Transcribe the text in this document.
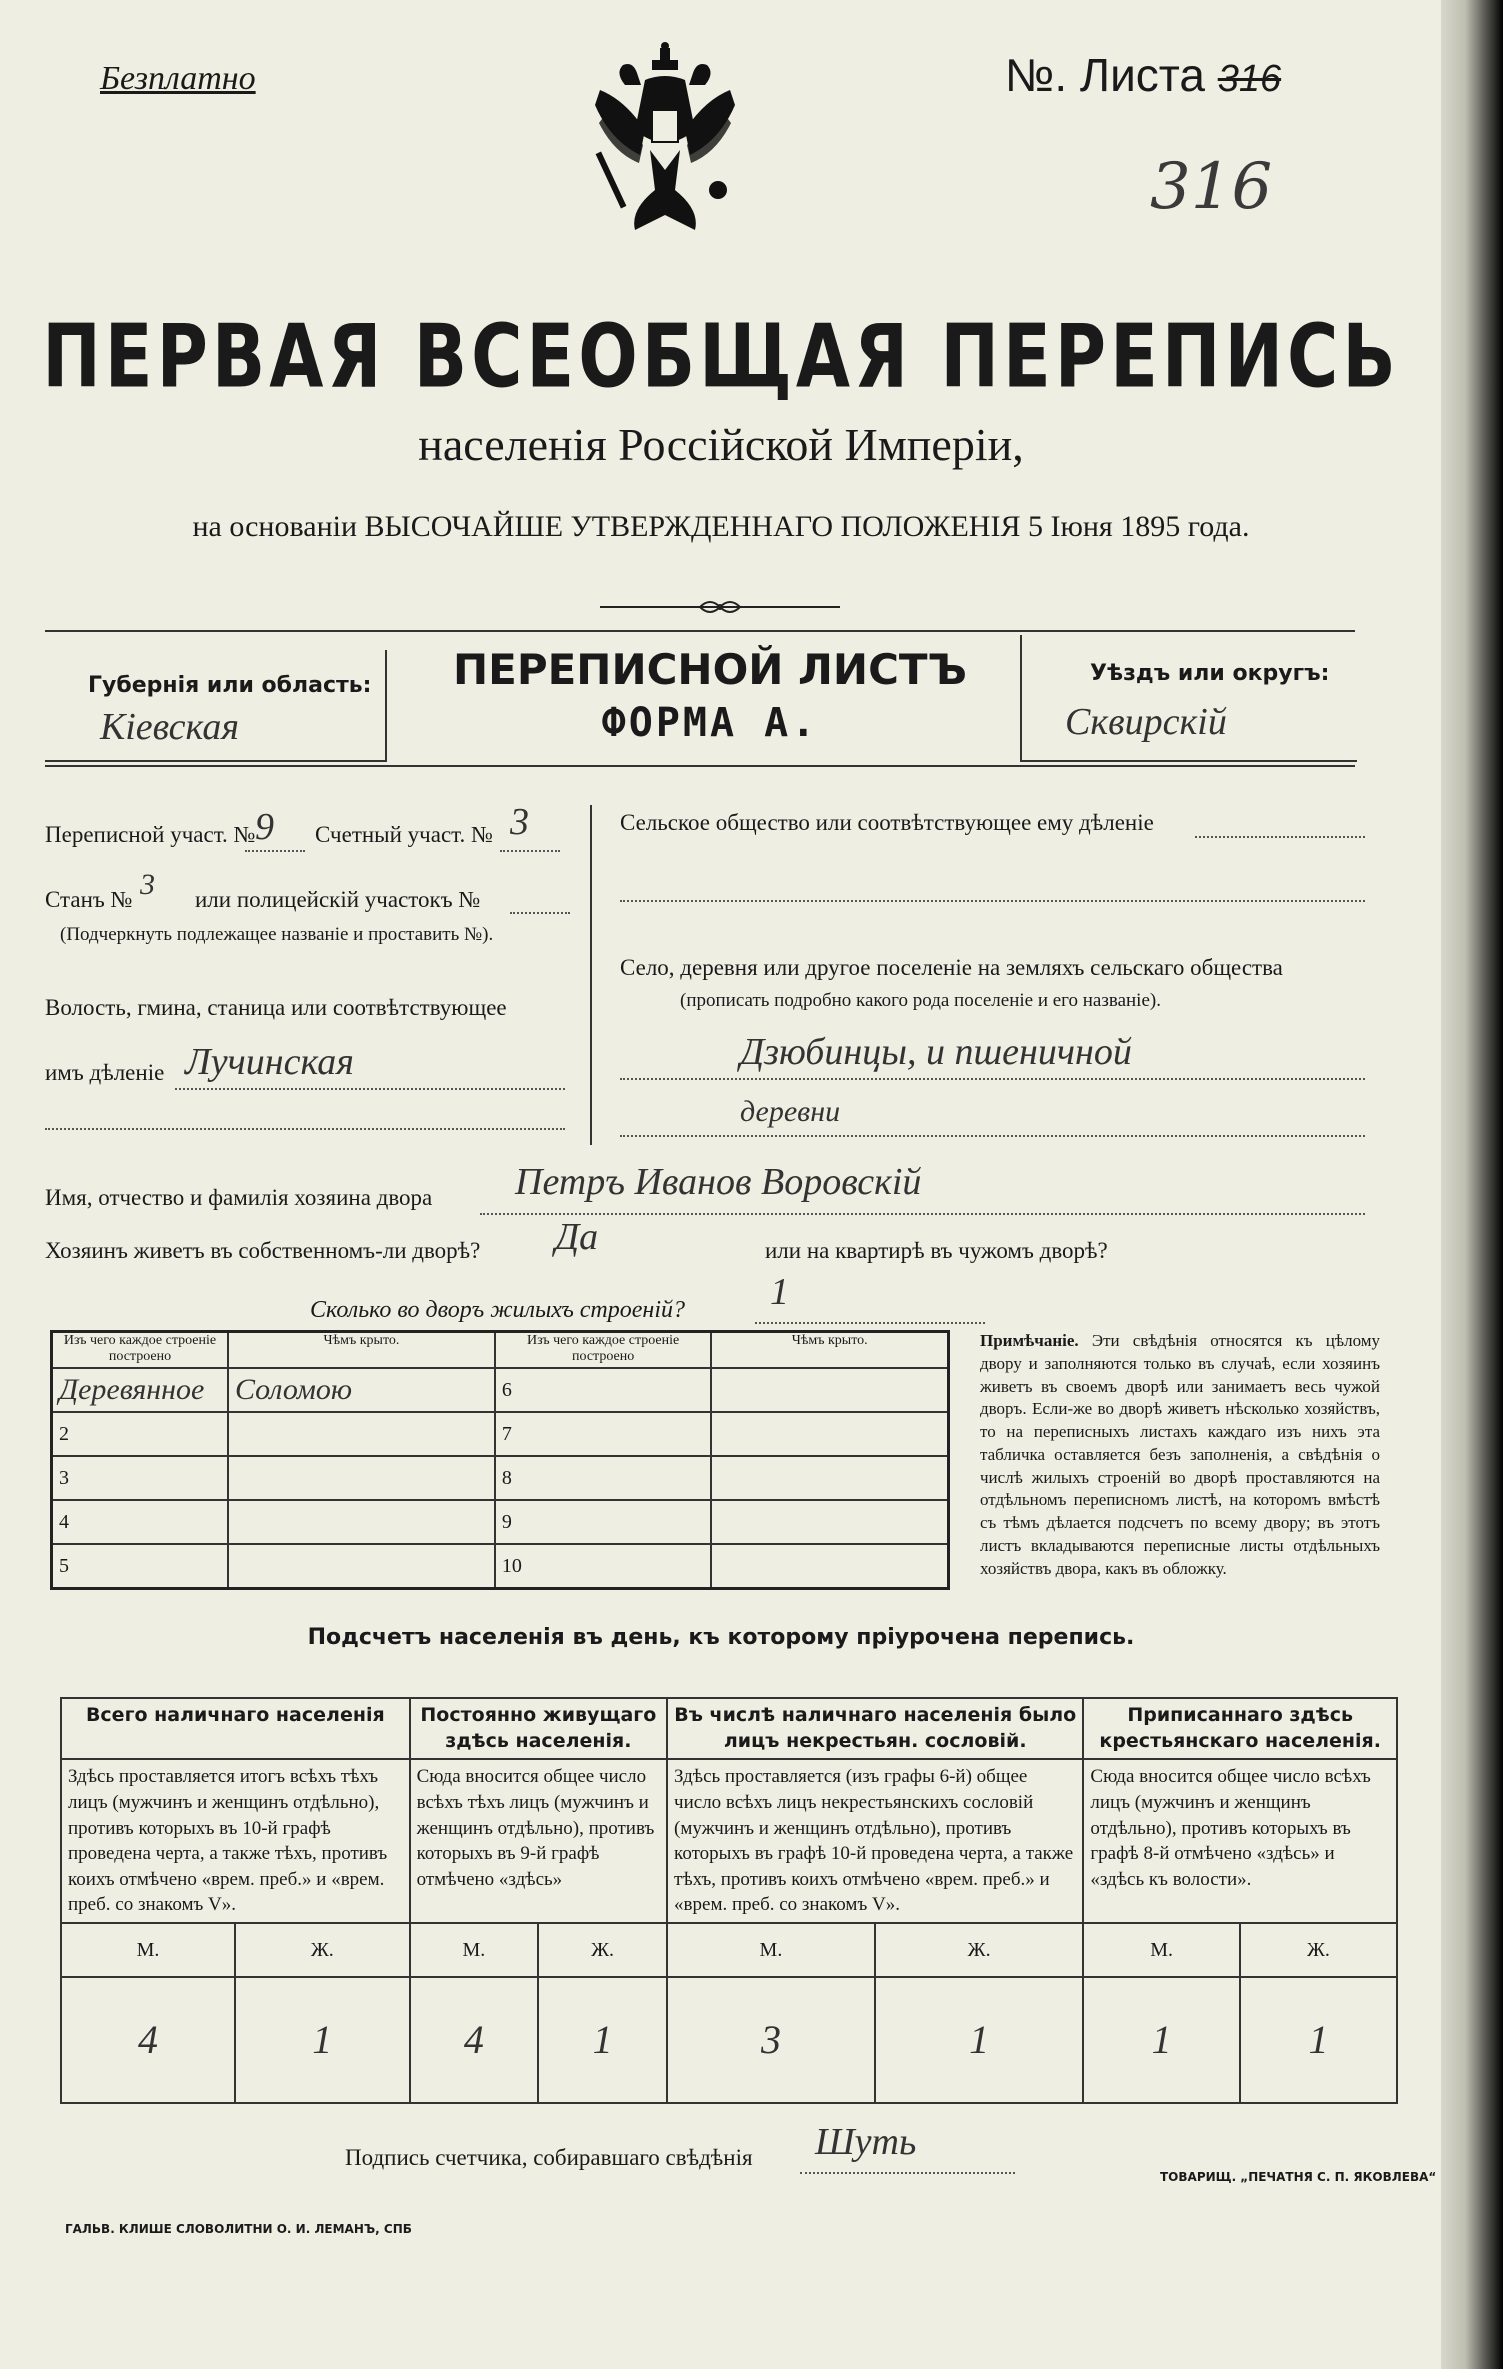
Безплатно	№. Листа 316
316
ПЕРВАЯ ВСЕОБЩАЯ ПЕРЕПИСЬ
населенія Россійской Имперіи,
на основаніи ВЫСОЧАЙШЕ УТВЕРЖДЕННАГО ПОЛОЖЕНІЯ 5 Іюня 1895 года.
Губернія или область:
Кіевская
ПЕРЕПИСНОЙ ЛИСТЪ
ФОРМА А.
Уѣздъ или округъ:
Сквирскій
Переписной участ. № 9 Счетный участ. № 3
Станъ № 3 или полицейскій участокъ №
(Подчеркнуть подлежащее названіе и проставить №).
Волость, гмина, станица или соотвѣтствующее
имъ дѣленіе Лучинская
Сельское общество или соотвѣтствующее ему дѣленіе
Село, деревня или другое поселеніе на земляхъ сельскаго общества
(прописать подробно какого рода поселеніе и его названіе).
Дзюбинцы, и пшеничной
деревни
Имя, отчество и фамилія хозяина двора Петръ Иванов Воровскій
Хозяинъ живетъ въ собственномъ-ли дворѣ? Да	или на квартирѣ въ чужомъ дворѣ?
Сколько во дворъ жилыхъ строеній? 1
Изъ чего каждое строеніе построено	Чѣмъ крыто.	Изъ чего каждое строеніе построено	Чѣмъ крыто.
Деревянное	Соломою	6	
2		7	
3		8	
4		9	
5		10	
Примѣчаніе. Эти свѣдѣнія относятся къ цѣлому двору и заполняются только въ случаѣ, если хозяинъ живетъ въ своемъ дворѣ или занимаетъ весь чужой дворъ. Если-же во дворѣ живетъ нѣсколько хозяйствъ, то на переписныхъ листахъ каждаго изъ нихъ эта табличка оставляется безъ заполненія, а свѣдѣнія о числѣ жилыхъ строеній во дворѣ проставляются на отдѣльномъ переписномъ листѣ, на которомъ вмѣстѣ съ тѣмъ дѣлается подсчетъ по всему двору; въ этотъ листъ вкладываются переписные листы отдѣльныхъ хозяйствъ двора, какъ въ обложку.
Подсчетъ населенія въ день, къ которому пріурочена перепись.
Всего наличнаго населенія		Постоянно живущаго здѣсь населенія.		Въ числѣ наличнаго населенія было лицъ некрестьян. сословій.		Приписаннаго здѣсь крестьянскаго населенія.	
Здѣсь проставляется итогъ всѣхъ тѣхъ лицъ (мужчинъ и женщинъ отдѣльно), противъ которыхъ въ 10-й графѣ проведена черта, а также тѣхъ, противъ коихъ отмѣчено «врем. преб.» и «врем. преб. со знакомъ V».		Сюда вносится общее число всѣхъ тѣхъ лицъ (мужчинъ и женщинъ отдѣльно), противъ которыхъ въ 9-й графѣ отмѣчено «здѣсь»		Здѣсь проставляется (изъ графы 6-й) общее число всѣхъ лицъ некрестьянскихъ сословій (мужчинъ и женщинъ отдѣльно), противъ которыхъ въ графѣ 10-й проведена черта, а также тѣхъ, противъ коихъ отмѣчено «врем. преб.» и «врем. преб. со знакомъ V».		Сюда вносится общее число всѣхъ лицъ (мужчинъ и женщинъ отдѣльно), противъ которыхъ въ графѣ 8-й отмѣчено «здѣсь» и «здѣсь къ волости».	
М.	Ж.	М.	Ж.	М.	Ж.	М.	Ж.
4	1	4	1	3	1	1	1
Подпись счетчика, собиравшаго свѣдѣнія Шуть
ГАЛЬВ. КЛИШЕ СЛОВОЛИТНИ О. И. ЛЕМАНЪ, СПБ
ТОВАРИЩ. „ПЕЧАТНЯ С. П. ЯКОВЛЕВА“
